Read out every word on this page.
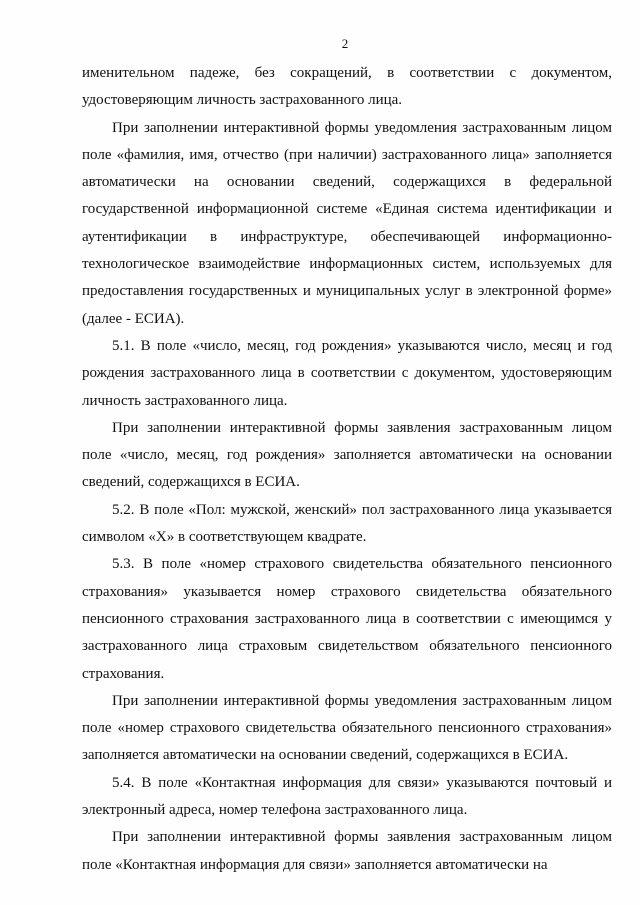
2

именительном падеже, без сокращений, в соответствии с документом, удостоверяющим личность застрахованного лица.

При заполнении интерактивной формы уведомления застрахованным лицом поле «фамилия, имя, отчество (при наличии) застрахованного лица» заполняется автоматически на основании сведений, содержащихся в федеральной государственной информационной системе «Единая система идентификации и аутентификации в инфраструктуре, обеспечивающей информационно-технологическое взаимодействие информационных систем, используемых для предоставления государственных и муниципальных услуг в электронной форме» (далее - ЕСИА).

5.1. В поле «число, месяц, год рождения» указываются число, месяц и год рождения застрахованного лица в соответствии с документом, удостоверяющим личность застрахованного лица.

При заполнении интерактивной формы заявления застрахованным лицом поле «число, месяц, год рождения» заполняется автоматически на основании сведений, содержащихся в ЕСИА.

5.2. В поле «Пол: мужской, женский» пол застрахованного лица указывается символом «Х» в соответствующем квадрате.

5.3. В поле «номер страхового свидетельства обязательного пенсионного страхования» указывается номер страхового свидетельства обязательного пенсионного страхования застрахованного лица в соответствии с имеющимся у застрахованного лица страховым свидетельством обязательного пенсионного страхования.

При заполнении интерактивной формы уведомления застрахованным лицом поле «номер страхового свидетельства обязательного пенсионного страхования» заполняется автоматически на основании сведений, содержащихся в ЕСИА.

5.4. В поле «Контактная информация для связи» указываются почтовый и электронный адреса, номер телефона застрахованного лица.

При заполнении интерактивной формы заявления застрахованным лицом поле «Контактная информация для связи» заполняется автоматически на
